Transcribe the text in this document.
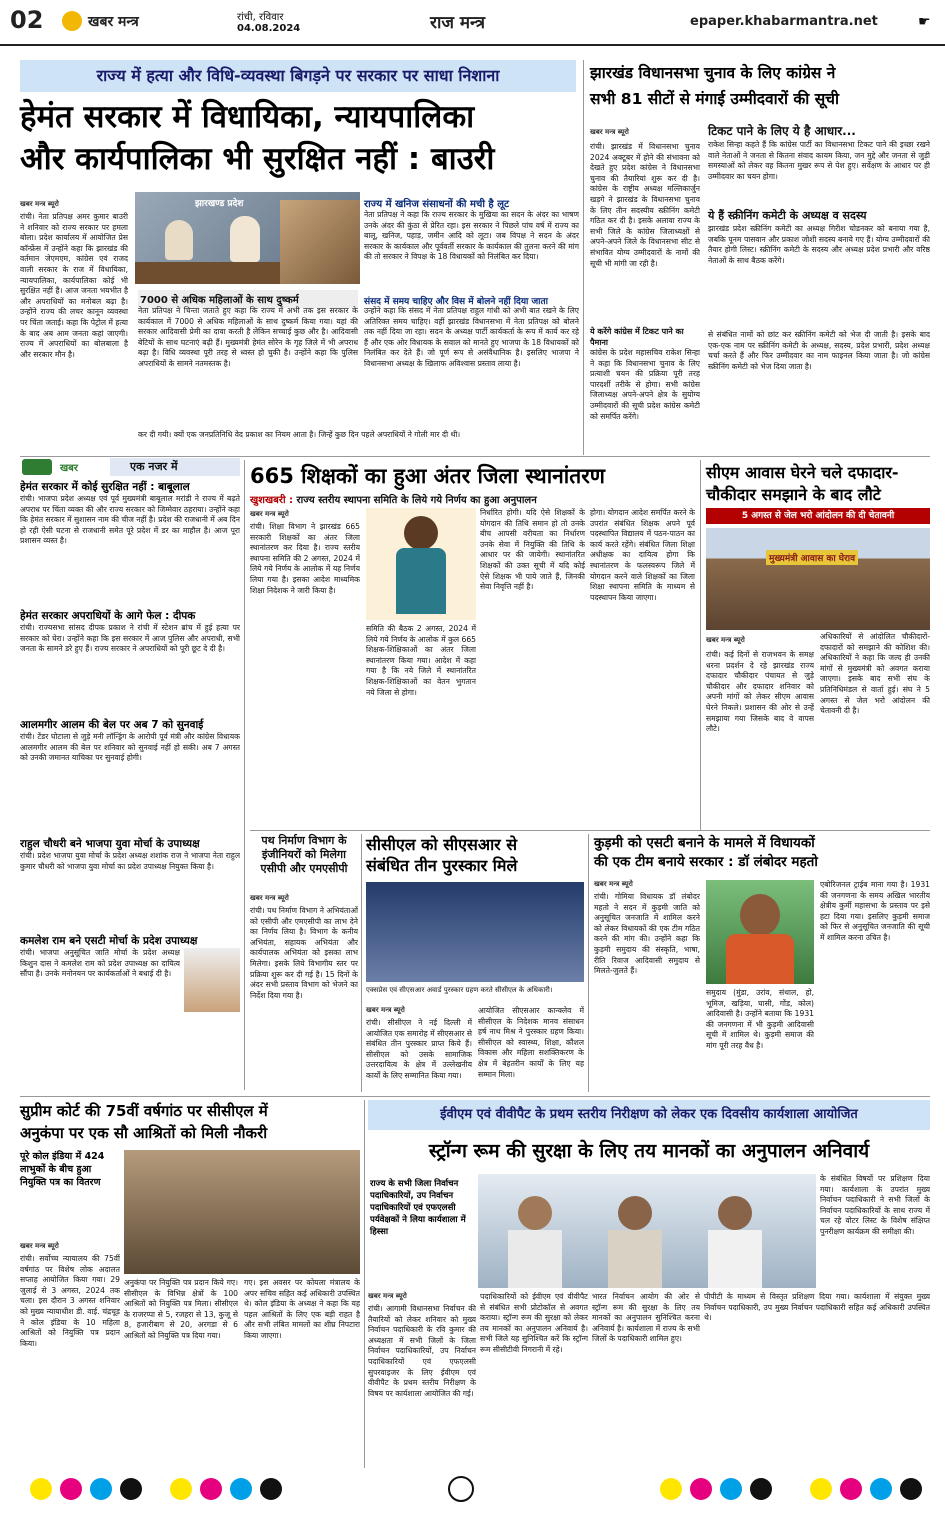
02	खबर मन्त्र	रांची, रविवार
04.08.2024	राज मन्त्र	epaper.khabarmantra.net	☛
राज्य में हत्या और विधि-व्यवस्था बिगड़ने पर सरकार पर साधा निशाना
हेमंत सरकार में विधायिका, न्यायपालिका
और कार्यपालिका भी सुरक्षित नहीं : बाउरी
खबर मन्त्र ब्यूरो
रांची। नेता प्रतिपक्ष अमर कुमार बाउरी ने शनिवार को राज्य सरकार पर हमला बोला। प्रदेश कार्यालय में आयोजित प्रेस कॉन्फ्रेंस में उन्होंने कहा कि झारखंड की वर्तमान जेएमएम, कांग्रेस एवं राजद वाली सरकार के राज में विधायिका, न्यायपालिका, कार्यपालिका कोई भी सुरक्षित नहीं है। आज जनता भयभीत है और अपराधियों का मनोबल बढ़ा है। उन्होंने राज्य की लचर कानून व्यवस्था पर चिंता जताई। कहा कि पेट्रोल में हत्या के बाद अब आम जनता कहां जाएगी। राज्य में अपराधियों का बोलबाला है और सरकार मौन है।
झारखण्ड प्रदेश
7000 से अधिक महिलाओं के साथ दुष्कर्म
नेता प्रतिपक्ष ने चिन्ता जताते हुए कहा कि राज्य में अभी तक इस सरकार के कार्यकाल में 7000 से अधिक महिलाओं के साथ दुष्कर्म किया गया। यहां की सरकार आदिवासी प्रेमी का दावा करती है लेकिन सच्चाई कुछ और है। आदिवासी बेटियों के साथ घटनाएं बढ़ी हैं। मुख्यमंत्री हेमंत सोरेन के गृह जिले में भी अपराध बढ़ा है। विधि व्यवस्था पूरी तरह से ध्वस्त हो चुकी है। उन्होंने कहा कि पुलिस अपराधियों के सामने नतमस्तक है।
राज्य में खनिज संसाधनों की मची है लूट
नेता प्रतिपक्ष ने कहा कि राज्य सरकार के मुखिया का सदन के अंदर का भाषण उनके अंदर की कुंठा से प्रेरित रहा। इस सरकार ने पिछले पांच वर्ष में राज्य का बालू, खनिज, पहाड़, जमीन आदि को लूटा। जब विपक्ष ने सदन के अंदर सरकार के कार्यकाल और पूर्ववर्ती सरकार के कार्यकाल की तुलना करने की मांग की तो सरकार ने विपक्ष के 18 विधायकों को निलंबित कर दिया।
संसद में समय चाहिए और विस में बोलने नहीं दिया जाता
उन्होंने कहा कि संसद में नेता प्रतिपक्ष राहुल गांधी को अभी बात रखने के लिए अतिरिक्त समय चाहिए। वहीं झारखंड विधानसभा में नेता प्रतिपक्ष को बोलने तक नहीं दिया जा रहा। सदन के अध्यक्ष पार्टी कार्यकर्ता के रूप में कार्य कर रहे हैं और एक ओर विधायक के सवाल को मानते हुए भाजपा के 18 विधायकों को निलंबित कर देते हैं। जो पूर्ण रूप से असंवैधानिक है। इसलिए भाजपा ने विधानसभा अध्यक्ष के खिलाफ अविश्वास प्रस्ताव लाया है।
कर दी गयी। क्यों एक जनप्रतिनिधि वेद प्रकाश का नियम आता है। जिन्हें कुछ दिन पहले अपराधियों ने गोली मार दी थी।
झारखंड विधानसभा चुनाव के लिए कांग्रेस ने
सभी 81 सीटों से मंगाई उम्मीदवारों की सूची
खबर मन्त्र ब्यूरो
रांची। झारखंड में विधानसभा चुनाव 2024 अक्टूबर में होने की संभावना को देखते हुए प्रदेश कांग्रेस ने विधानसभा चुनाव की तैयारियां शुरू कर दी है। कांग्रेस के राष्ट्रीय अध्यक्ष मल्लिकार्जुन खड़गे ने झारखंड के विधानसभा चुनाव के लिए तीन सदस्यीय स्क्रीनिंग कमेटी गठित कर दी है। इसके अलावा राज्य के सभी जिले के कांग्रेस जिलाध्यक्षों से अपने-अपने जिले के विधानसभा सीट से संभावित योग्य उम्मीदवारों के नामों की सूची भी मांगी जा रही है।
ये करेंगे कांग्रेस में टिकट पाने का पैमाना
कांग्रेस के प्रदेश महासचिव राकेश सिन्हा ने कहा कि विधानसभा चुनाव के लिए प्रत्याशी चयन की प्रक्रिया पूरी तरह पारदर्शी तरीके से होगा। सभी कांग्रेस जिलाध्यक्ष अपने-अपने क्षेत्र के सुयोग्य उम्मीदवारों की सूची प्रदेश कांग्रेस कमेटी को समर्पित करेंगे।
टिकट पाने के लिए ये है आधार...
राकेश सिन्हा कहते हैं कि कांग्रेस पार्टी का विधानसभा टिकट पाने की इच्छा रखने वाले नेताओं ने जनता से कितना संवाद कायम किया, जन मुद्दे और जनता से जुड़ी समस्याओं को लेकर वह कितना मुखर रूप से पेश हुए। सर्वेक्षण के आधार पर ही उम्मीदवार का चयन होगा।
ये हैं स्क्रीनिंग कमेटी के अध्यक्ष व सदस्य
झारखंड प्रदेश स्क्रीनिंग कमेटी का अध्यक्ष गिरीश चोडनकर को बनाया गया है, जबकि पूनम पासवान और प्रकाश जोशी सदस्य बनाये गए हैं। योग्य उम्मीदवारों की तैयार होगी लिस्ट। स्क्रीनिंग कमेटी के सदस्य और अध्यक्ष प्रदेश प्रभारी और वरिष्ठ नेताओं के साथ बैठक करेंगे।
से संबंधित नामों को छांट कर स्क्रीनिंग कमेटी को भेज दी जाती है। इसके बाद एक-एक नाम पर स्क्रीनिंग कमेटी के अध्यक्ष, सदस्य, प्रदेश प्रभारी, प्रदेश अध्यक्ष चर्चा करते हैं और फिर उम्मीदवार का नाम फाइनल किया जाता है। जो कांग्रेस स्क्रीनिंग कमेटी को भेज दिया जाता है।
खबर	एक नजर में
हेमंत सरकार में कोई सुरक्षित नहीं : बाबूलाल
रांची। भाजपा प्रदेश अध्यक्ष एवं पूर्व मुख्यमंत्री बाबूलाल मरांडी ने राज्य में बढ़ते अपराध पर चिंता व्यक्त की और राज्य सरकार को जिम्मेवार ठहराया। उन्होंने कहा कि हेमंत सरकार में सुशासन नाम की चीज नहीं है। प्रदेश की राजधानी में अब दिन हो रही ऐसी घटना से राजधानी समेत पूरे प्रदेश में डर का माहौल है। आज पूरा प्रशासन व्यस्त है।
हेमंत सरकार अपराधियों के आगे फेल : दीपक
रांची। राज्यसभा सांसद दीपक प्रकाश ने रांची में स्टेशन ब्रांच में हुई हत्या पर सरकार को घेरा। उन्होंने कहा कि इस सरकार में आज पुलिस और अपराधी, सभी जनता के सामने डरे हुए हैं। राज्य सरकार ने अपराधियों को पूरी छूट दे दी है।
आलमगीर आलम की बेल पर अब 7 को सुनवाई
रांची। टेंडर घोटाला से जुड़े मनी लॉन्ड्रिंग के आरोपी पूर्व मंत्री और कांग्रेस विधायक आलमगीर आलम की बेल पर शनिवार को सुनवाई नहीं हो सकी। अब 7 अगस्त को उनकी जमानत याचिका पर सुनवाई होगी।
राहुल चौधरी बने भाजपा युवा मोर्चा के उपाध्यक्ष
रांची। प्रदेश भाजपा युवा मोर्चा के प्रदेश अध्यक्ष शशांक राज ने भाजपा नेता राहुल कुमार चौधरी को भाजपा युवा मोर्चा का प्रदेश उपाध्यक्ष नियुक्त किया है।
कमलेश राम बने एसटी मोर्चा के प्रदेश उपाध्यक्ष
रांची। भाजपा अनुसूचित जाति मोर्चा के प्रदेश अध्यक्ष किशुन दास ने कमलेश राम को प्रदेश उपाध्यक्ष का दायित्व सौंपा है। उनके मनोनयन पर कार्यकर्ताओं ने बधाई दी है।
665 शिक्षकों का हुआ अंतर जिला स्थानांतरण
खुशखबरी : राज्य स्तरीय स्थापना समिति के लिये गये निर्णय का हुआ अनुपालन
खबर मन्त्र ब्यूरो
रांची। शिक्षा विभाग ने झारखंड 665 सरकारी शिक्षकों का अंतर जिला स्थानांतरण कर दिया है। राज्य स्तरीय स्थापना समिति की 2 अगस्त, 2024 में लिये गये निर्णय के आलोक में यह निर्णय लिया गया है। इसका आदेश माध्यमिक शिक्षा निदेशक ने जारी किया है।
समिति की बैठक 2 अगस्त, 2024 में लिये गये निर्णय के आलोक में कुल 665 शिक्षक-शिक्षिकाओं का अंतर जिला स्थानांतरण किया गया। आदेश में कहा गया है कि नये जिले में स्थानांतरित शिक्षक-शिक्षिकाओं का वेतन भुगतान नये जिला से होगा।
निर्धारित होगी। यदि ऐसे शिक्षकों के योगदान की तिथि समान हो तो उनके बीच आपसी वरीयता का निर्धारण उनके सेवा में नियुक्ति की तिथि के आधार पर की जायेगी। स्थानांतरित शिक्षकों की उक्त सूची में यदि कोई ऐसे शिक्षक भी पाये जाते हैं, जिनकी सेवा निवृत्ति नहीं है।
होगा। योगदान आदेश समर्पित करने के उपरांत संबंधित शिक्षक अपने पूर्व पदस्थापित विद्यालय में पठन-पाठन का कार्य करते रहेंगे। संबंधित जिला शिक्षा अधीक्षक का दायित्व होगा कि स्थानांतरण के फलस्वरूप जिले में योगदान करने वाले शिक्षकों का जिला शिक्षा स्थापना समिति के माध्यम से पदस्थापन किया जाएगा।
सीएम आवास घेरने चले दफादार-
चौकीदार समझाने के बाद लौटे
5 अगस्त से जेल भरो आंदोलन की दी चेतावनी
मुख्यमंत्री आवास का घेराव
खबर मन्त्र ब्यूरो
रांची। कई दिनों से राजभवन के समक्ष धरना प्रदर्शन दे रहे झारखंड राज्य दफादार चौकीदार पंचायत से जुड़े चौकीदार और दफादार शनिवार को अपनी मांगों को लेकर सीएम आवास घेरने निकले। प्रशासन की ओर से उन्हें समझाया गया जिसके बाद वे वापस लौटे।
अधिकारियों से आंदोलित चौकीदारों-दफादारों को समझाने की कोशिश की। अधिकारियों ने कहा कि जल्द ही उनकी मांगों से मुख्यमंत्री को अवगत कराया जाएगा। इसके बाद सभी संघ के प्रतिनिधिमंडल से वार्ता हुई। संघ ने 5 अगस्त से जेल भरो आंदोलन की चेतावनी दी है।
पथ निर्माण विभाग के इंजीनियरों को मिलेगा एसीपी और एमएसीपी
खबर मन्त्र ब्यूरो
रांची। पथ निर्माण विभाग ने अभियंताओं को एसीपी और एमएसीपी का लाभ देने का निर्णय लिया है। विभाग के कनीय अभियंता, सहायक अभियंता और कार्यपालक अभियंता को इसका लाभ मिलेगा। इसके लिये विभागीय स्तर पर प्रक्रिया शुरू कर दी गई है। 15 दिनों के अंदर सभी प्रस्ताव विभाग को भेजने का निर्देश दिया गया है।
सीसीएल को सीएसआर से
संबंधित तीन पुरस्कार मिले
एक्सप्रेस एवं सीएसआर अवार्ड पुरस्कार ग्रहण करते सीसीएल के अधिकारी।
खबर मन्त्र ब्यूरो
रांची। सीसीएल ने नई दिल्ली में आयोजित एक समारोह में सीएसआर से संबंधित तीन पुरस्कार प्राप्त किये हैं। सीसीएल को उसके सामाजिक उत्तरदायित्व के क्षेत्र में उल्लेखनीय कार्यों के लिए सम्मानित किया गया।
आयोजित सीएसआर कान्क्लेव में सीसीएल के निदेशक मानव संसाधन हर्ष नाथ मिश्र ने पुरस्कार ग्रहण किया। सीसीएल को स्वास्थ्य, शिक्षा, कौशल विकास और महिला सशक्तिकरण के क्षेत्र में बेहतरीन कार्यों के लिए यह सम्मान मिला।
कुड़मी को एसटी बनाने के मामले में विधायकों
की एक टीम बनाये सरकार : डॉ लंबोदर महतो
खबर मन्त्र ब्यूरो
रांची। गोमिया विधायक डॉ लंबोदर महतो ने सदन में कुड़मी जाति को अनुसूचित जनजाति में शामिल करने को लेकर विधायकों की एक टीम गठित करने की मांग की। उन्होंने कहा कि कुड़मी समुदाय की संस्कृति, भाषा, रीति रिवाज आदिवासी समुदाय से मिलते-जुलते हैं।
समुदाय (मुंडा, उरांव, संथाल, हो, भूमिज, खड़िया, घासी, गोंड, कोल) आदिवासी है। उन्होंने बताया कि 1931 की जनगणना में भी कुड़मी आदिवासी सूची में शामिल थे। कुड़मी समाज की मांग पूरी तरह वैध है।
एबोरिजनल ट्राईब माना गया है। 1931 की जनगणना के समय अखिल भारतीय क्षेत्रीय कुर्मी महासभा के प्रस्ताव पर इसे हटा दिया गया। इसलिए कुड़मी समाज को फिर से अनुसूचित जनजाति की सूची में शामिल करना उचित है।
सुप्रीम कोर्ट की 75वीं वर्षगांठ पर सीसीएल में
अनुकंपा पर एक सौ आश्रितों को मिली नौकरी
पूरे कोल इंडिया में 424 लाभुकों के बीच हुआ नियुक्ति पत्र का वितरण
खबर मन्त्र ब्यूरो
रांची। सर्वोच्च न्यायालय की 75वीं वर्षगांठ पर विशेष लोक अदालत सप्ताह आयोजित किया गया। 29 जुलाई से 3 अगस्त, 2024 तक चला। इस दौरान 3 अगस्त शनिवार को मुख्य न्यायाधीश डी. वाई. चंद्रचूड़ ने कोल इंडिया के 10 महिला आश्रितों को नियुक्ति पत्र प्रदान किया।
अनुकंपा पर नियुक्ति पत्र प्रदान किये गए। सीसीएल के विभिन्न क्षेत्रों के 100 आश्रितों को नियुक्ति पत्र मिला। सीसीएल के राजरप्पा से 5, रजहरा से 13, कुजू से 8, हजारीबाग से 20, अरगडा से 6 आश्रितों को नियुक्ति पत्र दिया गया।
गए। इस अवसर पर कोयला मंत्रालय के अपर सचिव सहित कई अधिकारी उपस्थित थे। कोल इंडिया के अध्यक्ष ने कहा कि यह पहल आश्रितों के लिए एक बड़ी राहत है और सभी लंबित मामलों का शीघ्र निपटारा किया जाएगा।
ईवीएम एवं वीवीपैट के प्रथम स्तरीय निरीक्षण को लेकर एक दिवसीय कार्यशाला आयोजित
स्ट्रॉन्ग रूम की सुरक्षा के लिए तय मानकों का अनुपालन अनिवार्य
राज्य के सभी जिला निर्वाचन पदाधिकारियों, उप निर्वाचन पदाधिकारियों एवं एफएलसी पर्यवेक्षकों ने लिया कार्यशाला में हिस्सा
के संबंधित विषयों पर प्रशिक्षण दिया गया। कार्यशाला के उपरांत मुख्य निर्वाचन पदाधिकारी ने सभी जिलों के निर्वाचन पदाधिकारियों के साथ राज्य में चल रहे वोटर लिस्ट के विशेष संक्षिप्त पुनरीक्षण कार्यक्रम की समीक्षा की।
खबर मन्त्र ब्यूरो
रांची। आगामी विधानसभा निर्वाचन की तैयारियों को लेकर शनिवार को मुख्य निर्वाचन पदाधिकारी के रवि कुमार की अध्यक्षता में सभी जिलों के जिला निर्वाचन पदाधिकारियों, उप निर्वाचन पदाधिकारियों एवं एफएलसी सुपरवाइजर के लिए ईवीएम एवं वीवीपैट के प्रथम स्तरीय निरीक्षण के विषय पर कार्यशाला आयोजित की गई।
पदाधिकारियों को ईवीएम एवं वीवीपैट से संबंधित सभी प्रोटोकॉल से अवगत कराया। स्ट्रॉन्ग रूम की सुरक्षा को लेकर तय मानकों का अनुपालन अनिवार्य है। सभी जिले यह सुनिश्चित करें कि स्ट्रॉन्ग रूम सीसीटीवी निगरानी में रहे।
भारत निर्वाचन आयोग की ओर से स्ट्रॉन्ग रूम की सुरक्षा के लिए तय मानकों का अनुपालन सुनिश्चित करना अनिवार्य है। कार्यशाला में राज्य के सभी जिलों के पदाधिकारी शामिल हुए।
पीपीटी के माध्यम से विस्तृत प्रशिक्षण दिया गया। कार्यशाला में संयुक्त मुख्य निर्वाचन पदाधिकारी, उप मुख्य निर्वाचन पदाधिकारी सहित कई अधिकारी उपस्थित थे।
